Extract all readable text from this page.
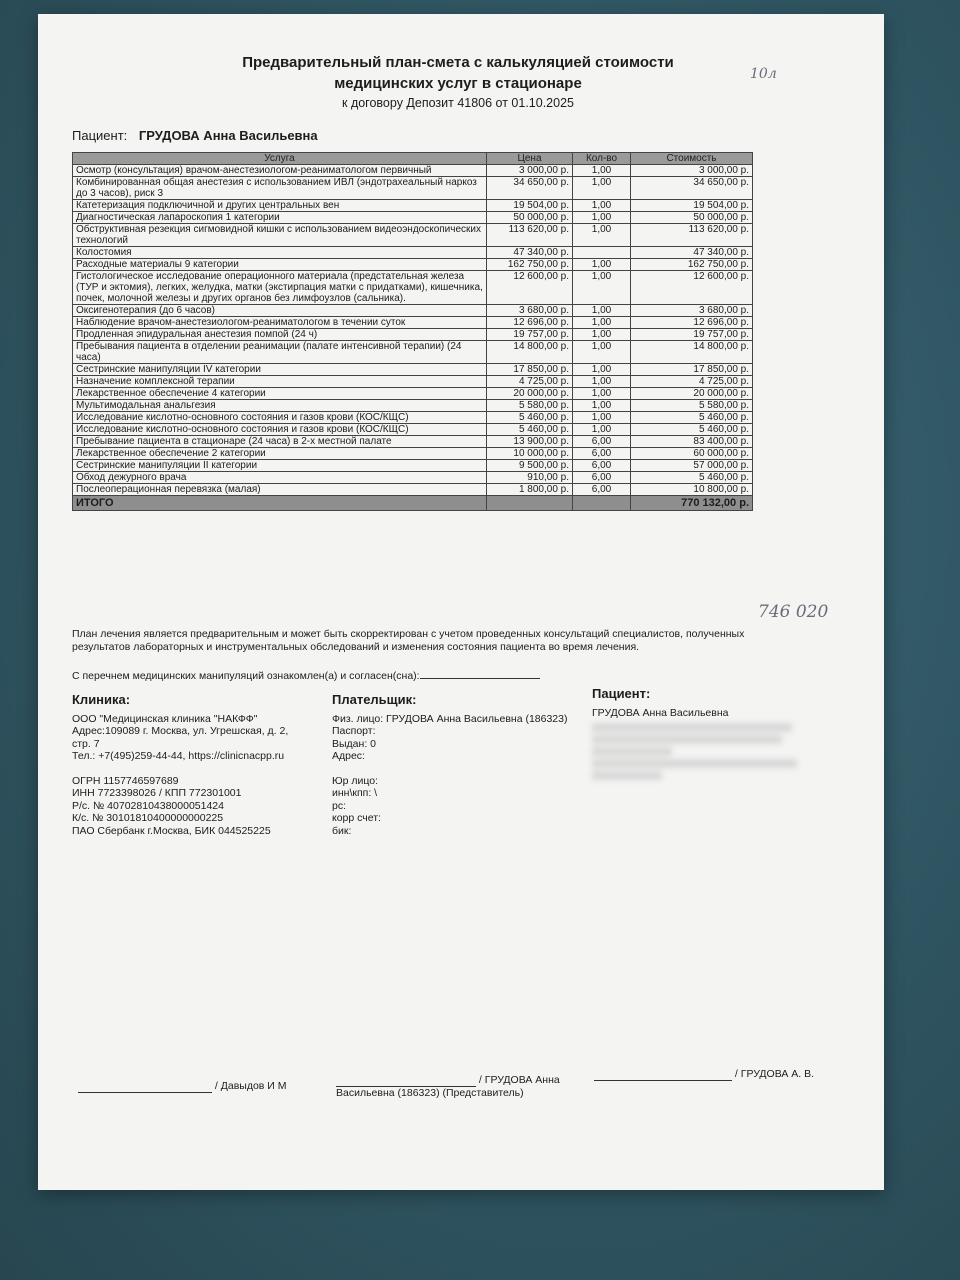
Предварительный план-смета с калькуляцией стоимости
медицинских услуг в стационаре
к договору Депозит 41806 от 01.10.2025
10л
Пациент: ГРУДОВА Анна Васильевна
Услуга	Цена	Кол-во	Стоимость
Осмотр (консультация) врачом-анестезиологом-реаниматологом первичный	3 000,00 р.	1,00	3 000,00 р.
Комбинированная общая анестезия с использованием ИВЛ (эндотрахеальный наркоз до 3 часов), риск 3	34 650,00 р.	1,00	34 650,00 р.
Катетеризация подключичной и других центральных вен	19 504,00 р.	1,00	19 504,00 р.
Диагностическая лапароскопия 1 категории	50 000,00 р.	1,00	50 000,00 р.
Обструктивная резекция сигмовидной кишки с использованием видеоэндоскопических технологий	113 620,00 р.	1,00	113 620,00 р.
Колостомия	47 340,00 р.		47 340,00 р.
Расходные материалы 9 категории	162 750,00 р.	1,00	162 750,00 р.
Гистологическое исследование операционного материала (предстательная железа (ТУР и эктомия), легких, желудка, матки (экстирпация матки с придатками), кишечника, почек, молочной железы и других органов без лимфоузлов (сальника).	12 600,00 р.	1,00	12 600,00 р.
Оксигенотерапия (до 6 часов)	3 680,00 р.	1,00	3 680,00 р.
Наблюдение врачом-анестезиологом-реаниматологом в течении суток	12 696,00 р.	1,00	12 696,00 р.
Продленная эпидуральная анестезия помпой (24 ч)	19 757,00 р.	1,00	19 757,00 р.
Пребывания пациента в отделении реанимации (палате интенсивной терапии) (24 часа)	14 800,00 р.	1,00	14 800,00 р.
Сестринские манипуляции IV категории	17 850,00 р.	1,00	17 850,00 р.
Назначение комплексной терапии	4 725,00 р.	1,00	4 725,00 р.
Лекарственное обеспечение 4 категории	20 000,00 р.	1,00	20 000,00 р.
Мультимодальная анальгезия	5 580,00 р.	1,00	5 580,00 р.
Исследование кислотно-основного состояния и газов крови (КОС/КЩС)	5 460,00 р.	1,00	5 460,00 р.
Исследование кислотно-основного состояния и газов крови (КОС/КЩС)	5 460,00 р.	1,00	5 460,00 р.
Пребывание пациента в стационаре (24 часа) в 2-х местной палате	13 900,00 р.	6,00	83 400,00 р.
Лекарственное обеспечение 2 категории	10 000,00 р.	6,00	60 000,00 р.
Сестринские манипуляции II категории	9 500,00 р.	6,00	57 000,00 р.
Обход дежурного врача	910,00 р.	6,00	5 460,00 р.
Послеоперационная перевязка (малая)	1 800,00 р.	6,00	10 800,00 р.
ИТОГО			770 132,00 р.
746 020
План лечения является предварительным и может быть скорректирован с учетом проведенных консультаций специалистов, полученных результатов лабораторных и инструментальных обследований и изменения состояния пациента во время лечения.
С перечнем медицинских манипуляций ознакомлен(а) и согласен(сна):
Клиника:
ООО "Медицинская клиника "НАКФФ"
Адрес:109089 г. Москва, ул. Угрешская, д. 2,
стр. 7
Тел.: +7(495)259-44-44, https://clinicnacpp.ru
ОГРН 1157746597689
ИНН 7723398026 / КПП 772301001
Р/с. № 40702810438000051424
К/с. № 30101810400000000225
ПАО Сбербанк г.Москва, БИК 044525225
Плательщик:
Физ. лицо: ГРУДОВА Анна Васильевна (186323)
Паспорт:
Выдан: 0
Адрес:
Юр лицо:
инн\кпп: \
рс:
корр счет:
бик:
Пациент:
ГРУДОВА Анна Васильевна
/ Давыдов И М	/ ГРУДОВА Анна
Васильевна (186323) (Представитель)
/ ГРУДОВА А. В.
